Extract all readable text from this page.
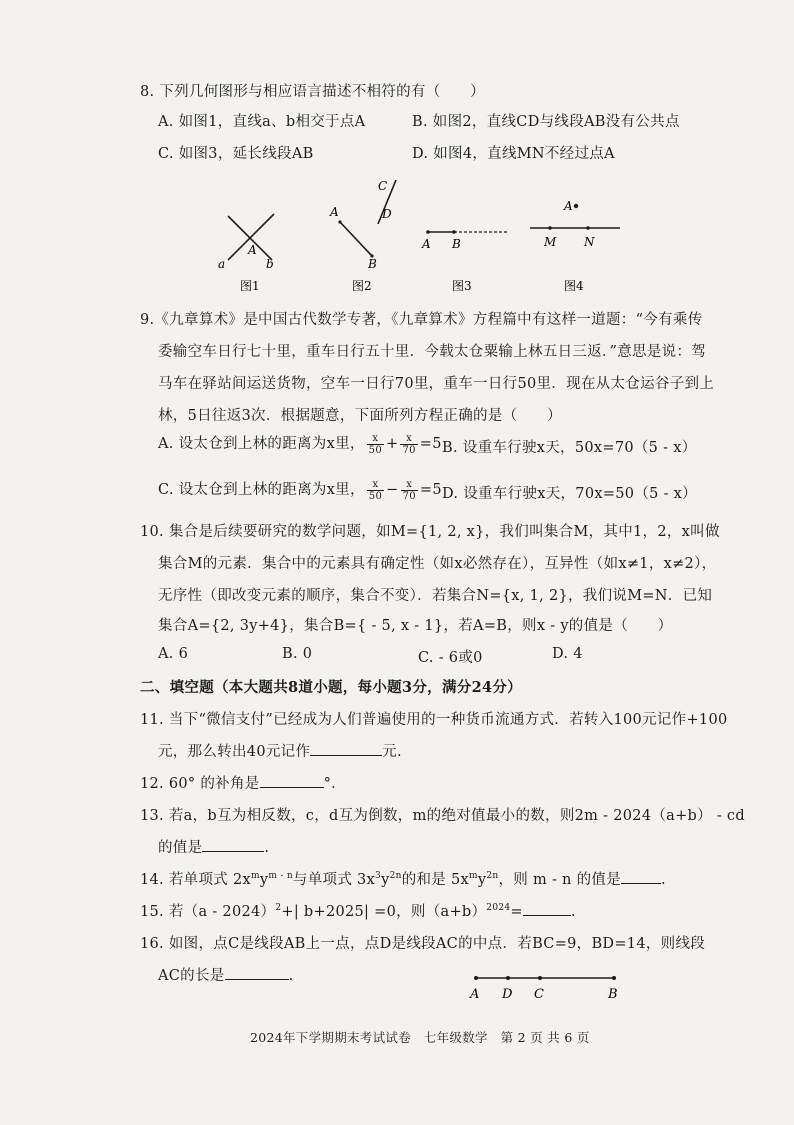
8. 下列几何图形与相应语言描述不相符的有（　　）
A. 如图1，直线a、b相交于点A	B. 如图2，直线CD与线段AB没有公共点
C. 如图3，延长线段AB	D. 如图4，直线MN不经过点A
A
a	b
图1
A
B
C
D
图2
A B
图3
A
M N
图4
9.《九章算术》是中国古代数学专著，《九章算术》方程篇中有这样一道题：“今有乘传
委输空车日行七十里，重车日行五十里．今载太仓粟输上林五日三返．”意思是说：驾
马车在驿站间运送货物，空车一日行70里，重车一日行50里．现在从太仓运谷子到上
林，5日往返3次．根据题意，下面所列方程正确的是（　　）
A. 设太仓到上林的距离为x里， $\frac{x}{50} + \frac{x}{70} =5$ B. 设重车行驶x天，50x=70（5 - x）
C. 设太仓到上林的距离为x里， $\frac{x}{50} - \frac{x}{70} =5$ D. 设重车行驶x天，70x=50（5 - x）
10. 集合是后续要研究的数学问题，如M={1, 2, x}，我们叫集合M，其中1，2，x叫做
集合M的元素．集合中的元素具有确定性（如x必然存在），互异性（如x≠1，x≠2），
无序性（即改变元素的顺序，集合不变）．若集合N={x, 1, 2}，我们说M=N．已知
集合A={2, 3y+4}，集合B={ - 5, x - 1}，若A=B，则x - y的值是（　　）
A. 6	B. 0	C. - 6或0	D. 4
二、填空题（本大题共8道小题，每小题3分，满分24分）
11. 当下“微信支付”已经成为人们普遍使用的一种货币流通方式．若转入100元记作+100
元，那么转出40元记作	元.
12. 60° 的补角是	°．
13. 若a，b互为相反数，c，d互为倒数，m的绝对值最小的数，则2m - 2024（a+b） - cd
的值是	.
14. 若单项式 $2x^my^{m - n}$与单项式 $3x^3y^{2n}$的和是 $5x^my^{2n}$，则 m - n 的值是	.
15. 若（a - 2024）$^2$+| b+2025| =0，则$(a+b)^{2024}=$	.
16. 如图，点C是线段AB上一点，点D是线段AC的中点．若BC=9，BD=14，则线段
AC的长是	.
A D C	B
2024年下学期期末考试试卷　七年级数学　第 2 页 共 6 页
